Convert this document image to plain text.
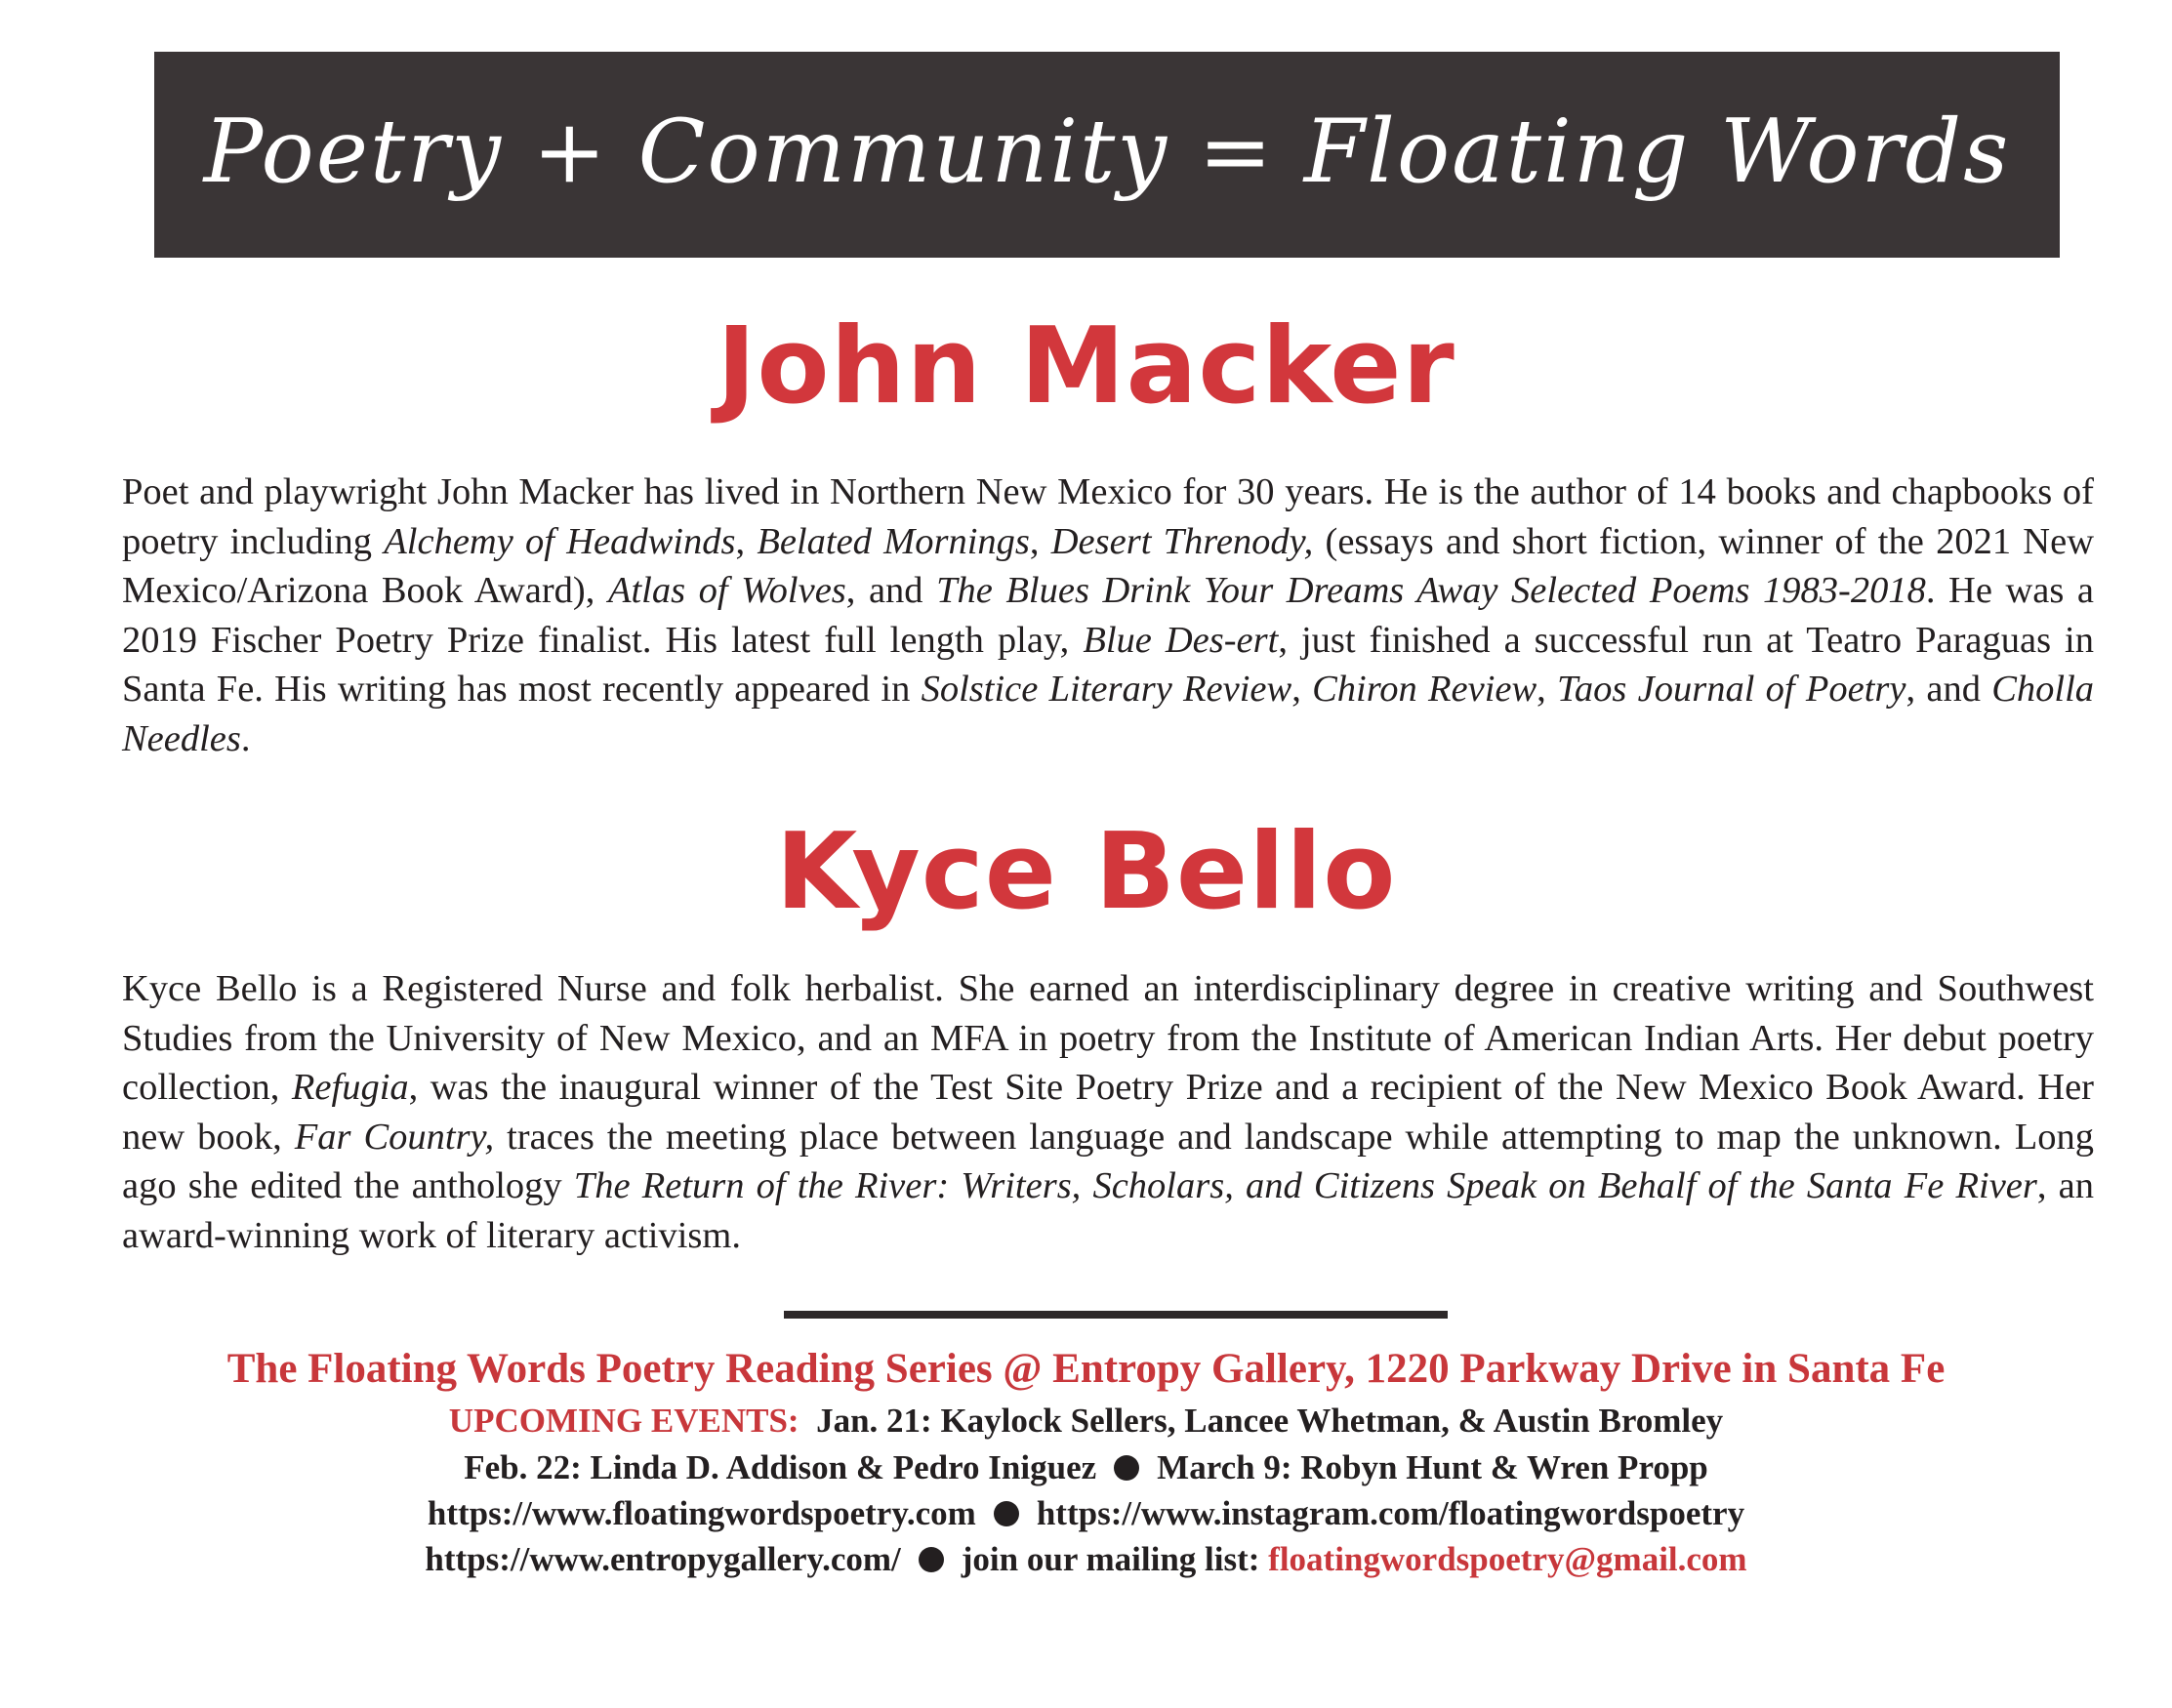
Poetry + Community = Floating Words
John Macker
Poet and playwright John Macker has lived in Northern New Mexico for 30 years. He is the author of 14 books and chapbooks of poetry including Alchemy of Headwinds, Belated Mornings, Desert Threnody, (essays and short fiction, winner of the 2021 New Mexico/Arizona Book Award), Atlas of Wolves, and The Blues Drink Your Dreams Away Selected Poems 1983-2018. He was a 2019 Fischer Poetry Prize finalist. His latest full length play, Blue Des-ert, just finished a successful run at Teatro Paraguas in Santa Fe. His writing has most recently appeared in Solstice Literary Review, Chiron Review, Taos Journal of Poetry, and Cholla Needles.
Kyce Bello
Kyce Bello is a Registered Nurse and folk herbalist. She earned an interdisciplinary degree in creative writing and Southwest Studies from the University of New Mexico, and an MFA in poetry from the Institute of American Indian Arts. Her debut poetry collection, Refugia, was the inaugural winner of the Test Site Poetry Prize and a recipient of the New Mexico Book Award. Her new book, Far Country, traces the meeting place between language and landscape while attempting to map the unknown. Long ago she edited the anthology The Return of the River: Writers, Scholars, and Citizens Speak on Behalf of the Santa Fe River, an award-winning work of literary activism.
The Floating Words Poetry Reading Series @ Entropy Gallery, 1220 Parkway Drive in Santa Fe
UPCOMING EVENTS: Jan. 21: Kaylock Sellers, Lancee Whetman, & Austin Bromley
Feb. 22: Linda D. Addison & Pedro Iniguez March 9: Robyn Hunt & Wren Propp
https://www.floatingwordspoetry.com https://www.instagram.com/floatingwordspoetry
https://www.entropygallery.com/ join our mailing list: floatingwordspoetry@gmail.com
